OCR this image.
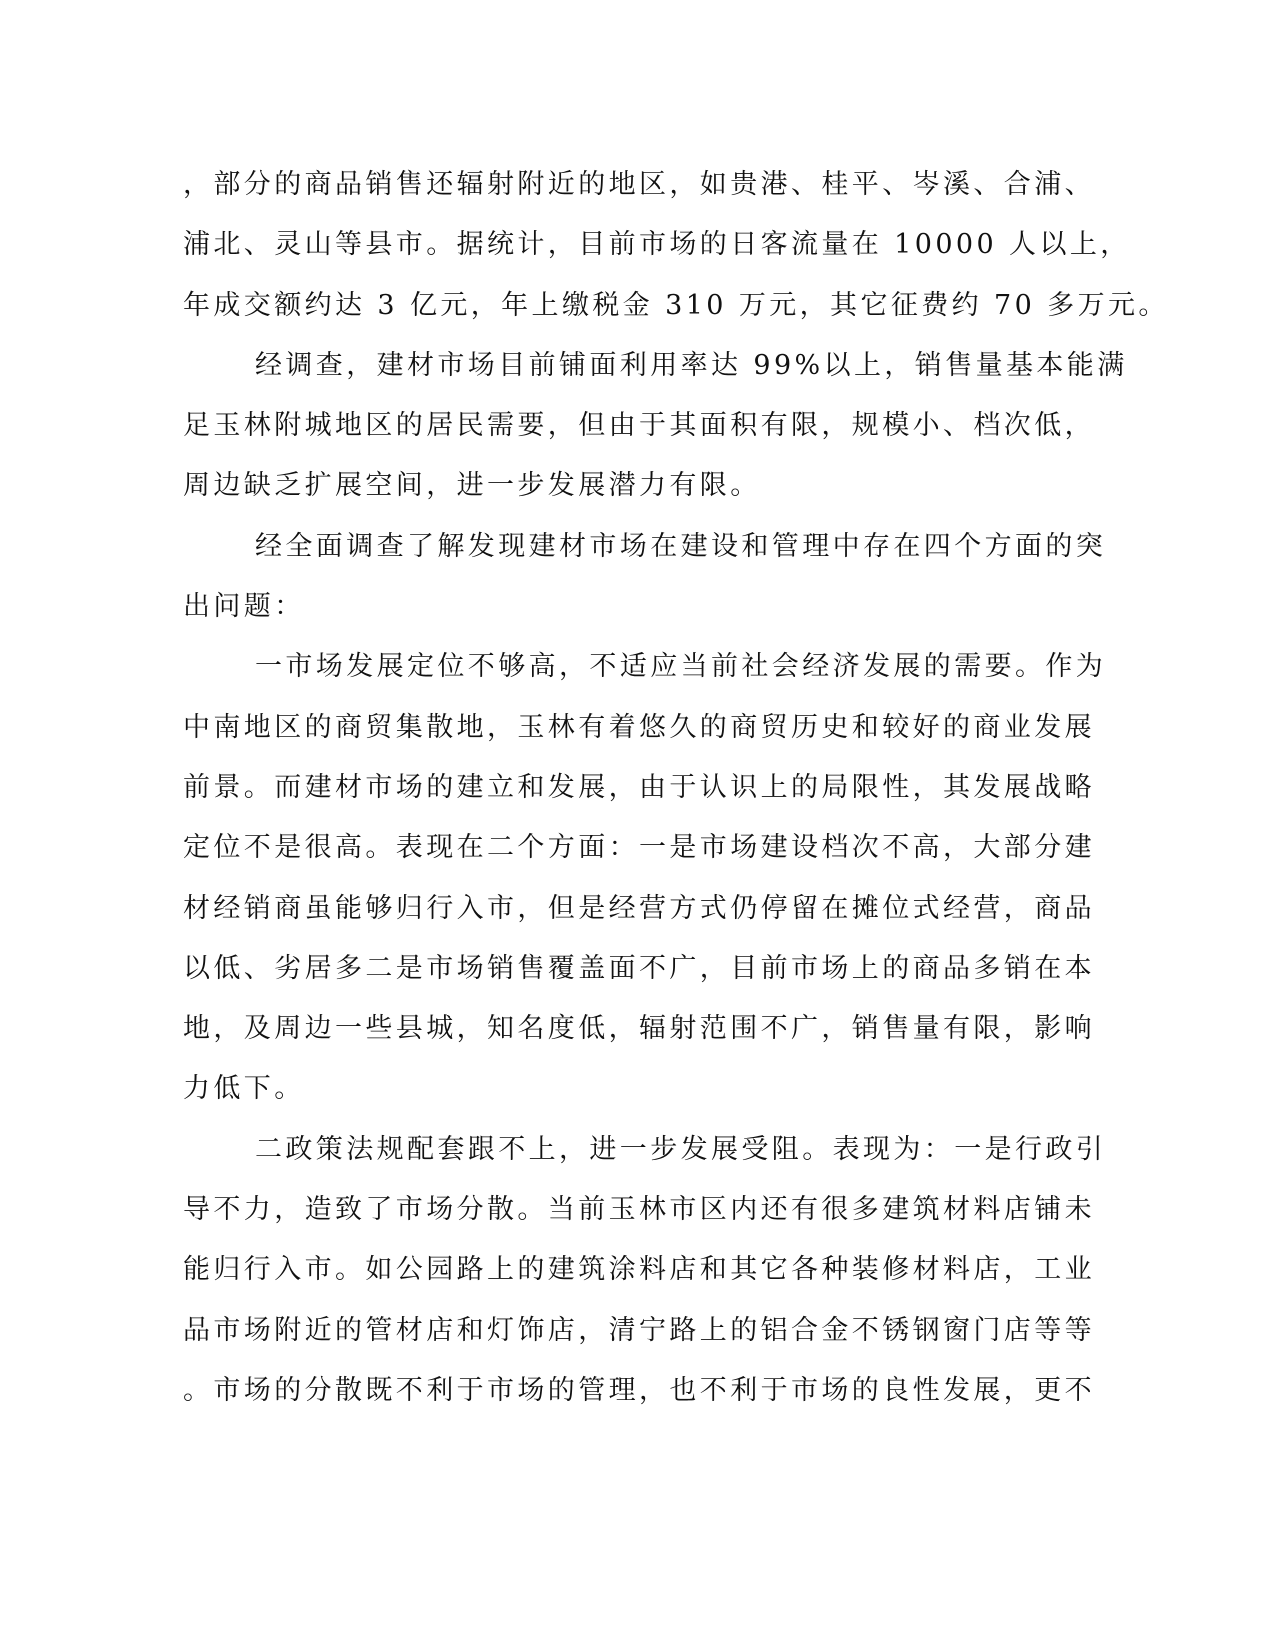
，部分的商品销售还辐射附近的地区，如贵港、桂平、岑溪、合浦、
浦北、灵山等县市。据统计，目前市场的日客流量在 10000 人以上，
年成交额约达 3 亿元，年上缴税金 310 万元，其它征费约 70 多万元。
经调查，建材市场目前铺面利用率达 99%以上，销售量基本能满
足玉林附城地区的居民需要，但由于其面积有限，规模小、档次低，
周边缺乏扩展空间，进一步发展潜力有限。
经全面调查了解发现建材市场在建设和管理中存在四个方面的突
出问题：
一市场发展定位不够高，不适应当前社会经济发展的需要。作为
中南地区的商贸集散地，玉林有着悠久的商贸历史和较好的商业发展
前景。而建材市场的建立和发展，由于认识上的局限性，其发展战略
定位不是很高。表现在二个方面：一是市场建设档次不高，大部分建
材经销商虽能够归行入市，但是经营方式仍停留在摊位式经营，商品
以低、劣居多二是市场销售覆盖面不广，目前市场上的商品多销在本
地，及周边一些县城，知名度低，辐射范围不广，销售量有限，影响
力低下。
二政策法规配套跟不上，进一步发展受阻。表现为：一是行政引
导不力，造致了市场分散。当前玉林市区内还有很多建筑材料店铺未
能归行入市。如公园路上的建筑涂料店和其它各种装修材料店，工业
品市场附近的管材店和灯饰店，清宁路上的铝合金不锈钢窗门店等等
。市场的分散既不利于市场的管理，也不利于市场的良性发展，更不
